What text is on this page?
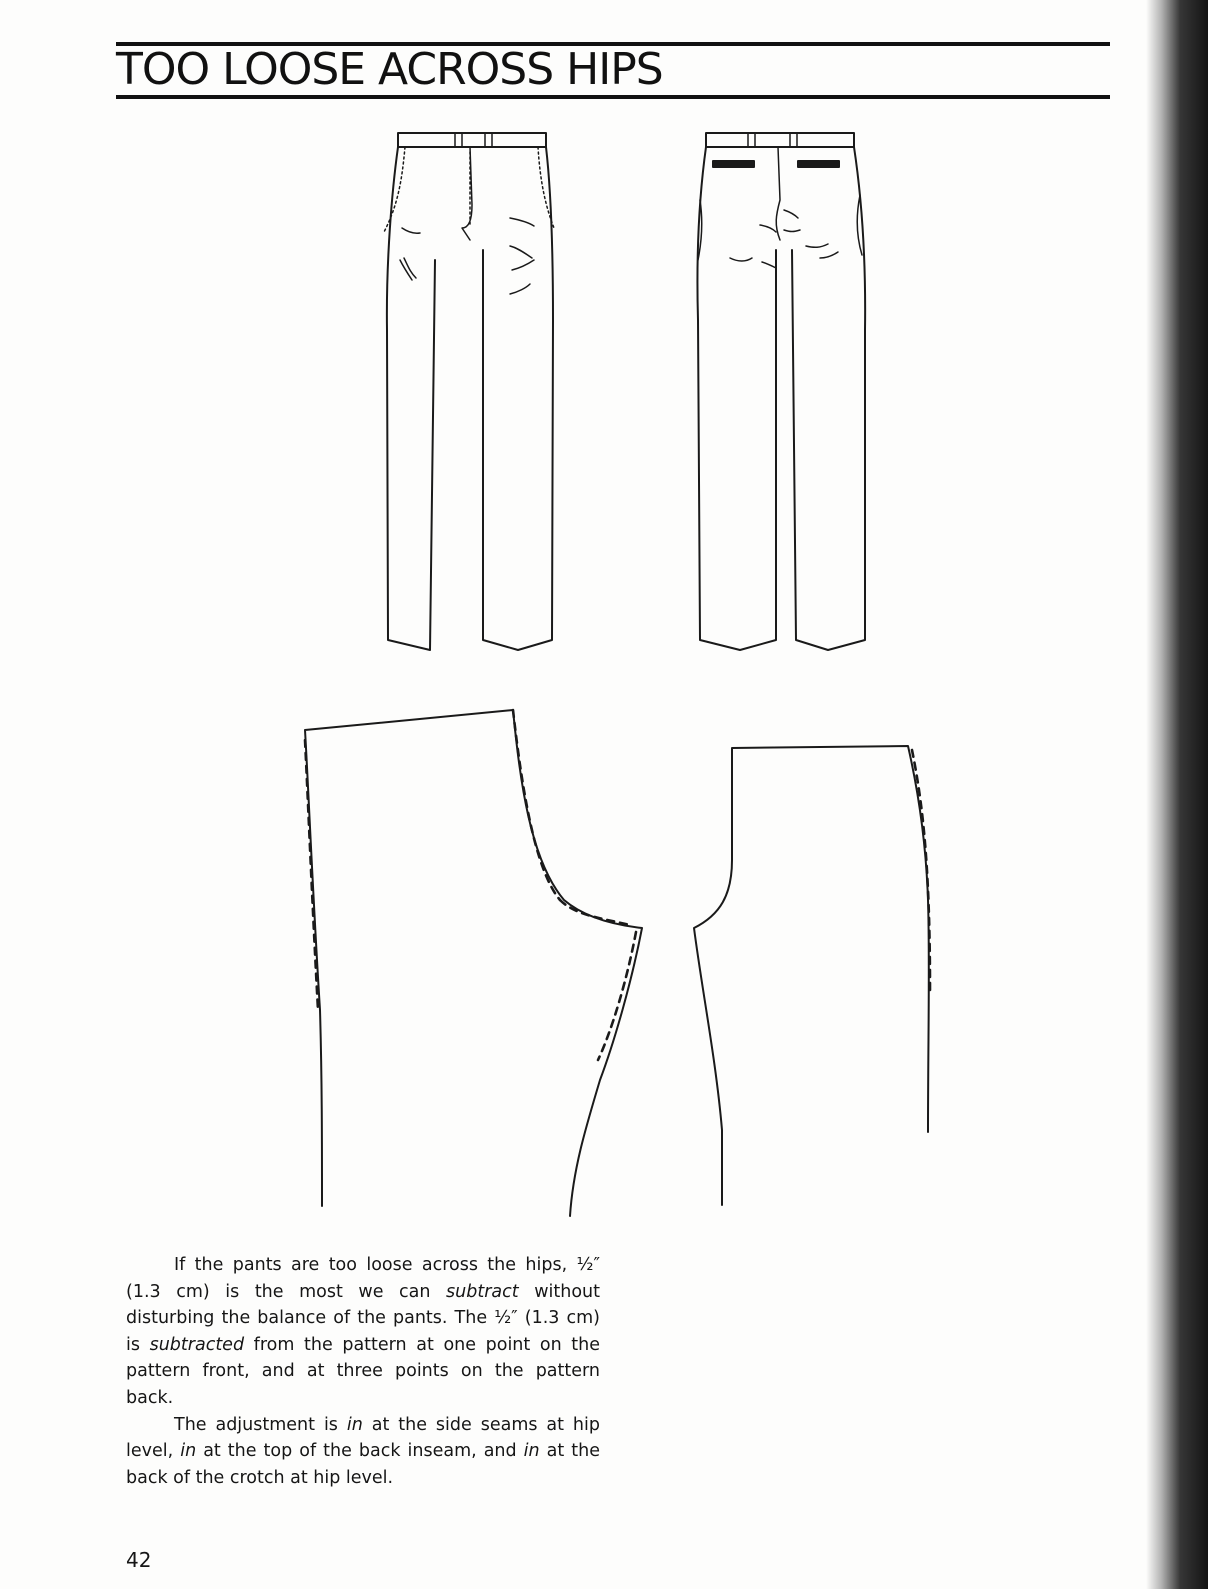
TOO LOOSE ACROSS HIPS

If the pants are too loose across the hips, ½″ (1.3 cm) is the most we can subtract without disturbing the balance of the pants. The ½″ (1.3 cm) is subtracted from the pattern at one point on the pattern front, and at three points on the pattern back.

The adjustment is in at the side seams at hip level, in at the top of the back inseam, and in at the back of the crotch at hip level.

42
